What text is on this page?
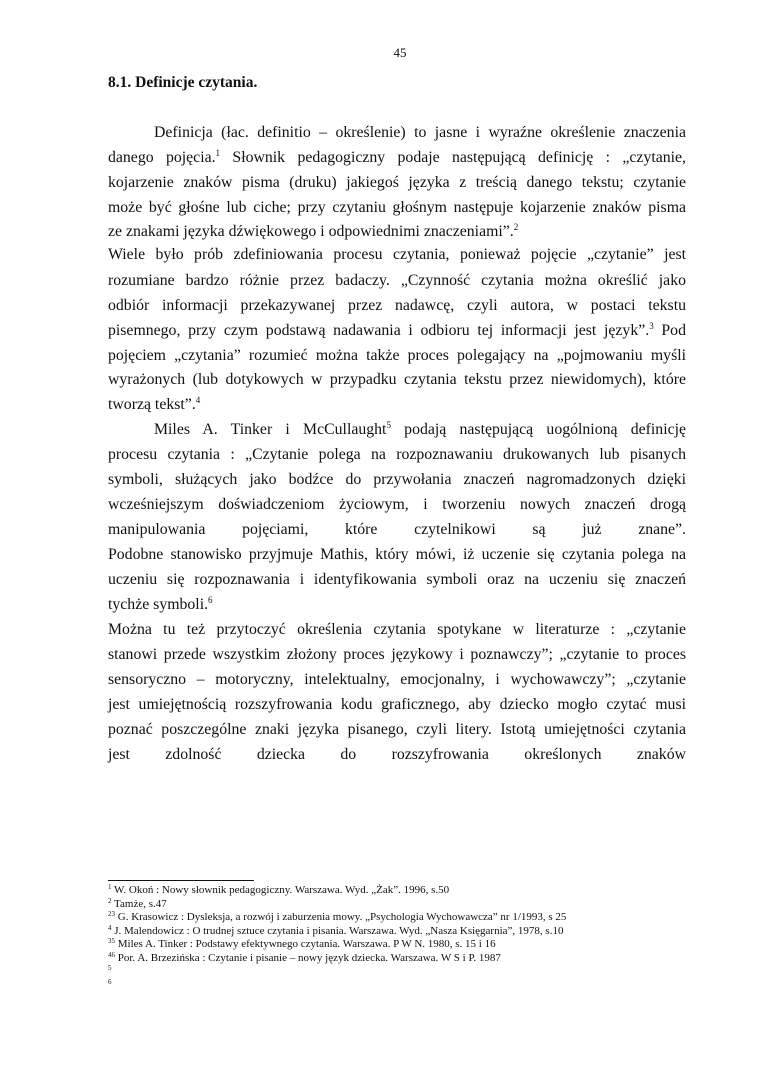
45
8.1. Definicje czytania.
Definicja (łac. definitio – określenie) to jasne i wyraźne określenie znaczenia
danego pojęcia.$^1$ Słownik pedagogiczny podaje następującą definicję : „czytanie,
kojarzenie znaków pisma (druku) jakiegoś języka z treścią danego tekstu; czytanie
może być głośne lub ciche; przy czytaniu głośnym następuje kojarzenie znaków pisma
ze znakami języka dźwiękowego i odpowiednimi znaczeniami”.$^2$
Wiele było prób zdefiniowania procesu czytania, ponieważ pojęcie „czytanie” jest
rozumiane bardzo różnie przez badaczy. „Czynność czytania można określić jako
odbiór informacji przekazywanej przez nadawcę, czyli autora, w postaci tekstu
pisemnego, przy czym podstawą nadawania i odbioru tej informacji jest język”.$^3$ Pod
pojęciem „czytania” rozumieć można także proces polegający na „pojmowaniu myśli
wyrażonych (lub dotykowych w przypadku czytania tekstu przez niewidomych), które
tworzą tekst”.$^4$
Miles A. Tinker i McCullaught$^5$ podają następującą uogólnioną definicję
procesu czytania : „Czytanie polega na rozpoznawaniu drukowanych lub pisanych
symboli, służących jako bodźce do przywołania znaczeń nagromadzonych dzięki
wcześniejszym doświadczeniom życiowym, i tworzeniu nowych znaczeń drogą
manipulowania pojęciami, które czytelnikowi są już znane”.
Podobne stanowisko przyjmuje Mathis, który mówi, iż uczenie się czytania polega na
uczeniu się rozpoznawania i identyfikowania symboli oraz na uczeniu się znaczeń
tychże symboli.$^6$
Można tu też przytoczyć określenia czytania spotykane w literaturze : „czytanie
stanowi przede wszystkim złożony proces językowy i poznawczy”; „czytanie to proces
sensoryczno – motoryczny, intelektualny, emocjonalny, i wychowawczy”; „czytanie
jest umiejętnością rozszyfrowania kodu graficznego, aby dziecko mogło czytać musi
poznać poszczególne znaki języka pisanego, czyli litery. Istotą umiejętności czytania
jest zdolność dziecka do rozszyfrowania określonych znaków
$^1$ W. Okoń : Nowy słownik pedagogiczny. Warszawa. Wyd. „Żak”. 1996, s.50
$^2$ Tamże, s.47
$^{23}$ G. Krasowicz : Dysleksja, a rozwój i zaburzenia mowy. „Psychologia Wychowawcza” nr 1/1993, s 25
$^4$ J. Malendowicz : O trudnej sztuce czytania i pisania. Warszawa. Wyd. „Nasza Księgarnia”, 1978, s.10
$^{35}$ Miles A. Tinker : Podstawy efektywnego czytania. Warszawa. P W N. 1980, s. 15 i 16
$^{46}$ Por. A. Brzezińska : Czytanie i pisanie – nowy język dziecka. Warszawa. W S i P. 1987
$^5$
$^6$
